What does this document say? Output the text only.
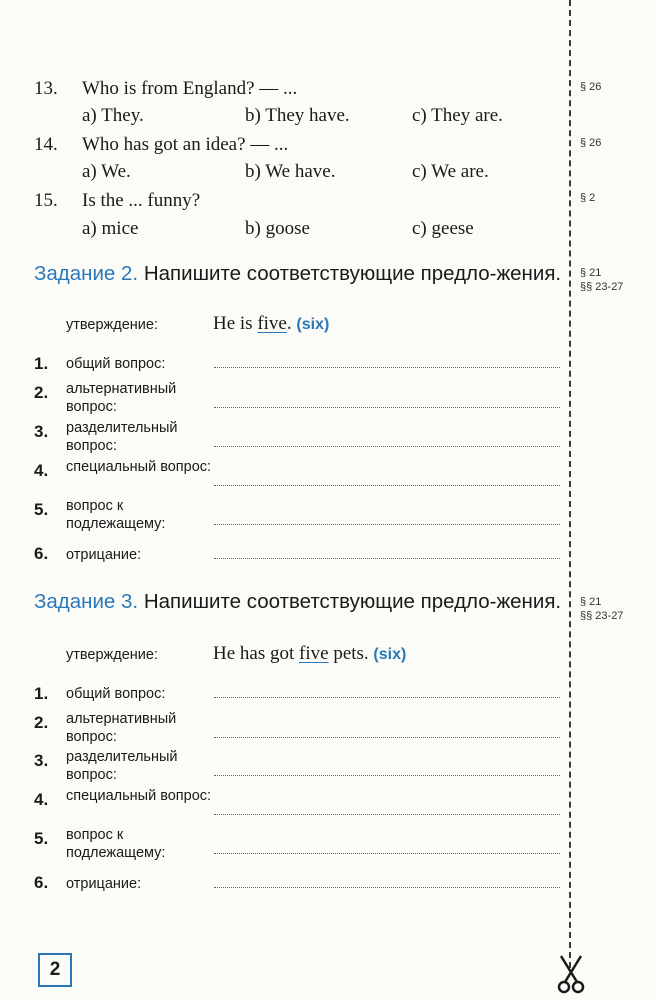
13. Who is from England? — ...
a) They.	b) They have.	c) They are.
§ 26
14. Who has got an idea? — ...
a) We.	b) We have.	c) We are.
§ 26
15. Is the ... funny?
a) mice	b) goose	c) geese
§ 2
Задание 2. Напишите соответствующие предло-жения. § 21
§§ 23-27
утверждение:	He is five. (six)
1. общий вопрос:
2. альтернативный вопрос:
3. разделительный вопрос:
4. специальный вопрос:
5. вопрос к подлежащему:
6. отрицание:
Задание 3. Напишите соответствующие предло-жения. § 21
§§ 23-27
утверждение:	He has got five pets. (six)
1. общий вопрос:
2. альтернативный вопрос:
3. разделительный вопрос:
4. специальный вопрос:
5. вопрос к подлежащему:
6. отрицание:
2
